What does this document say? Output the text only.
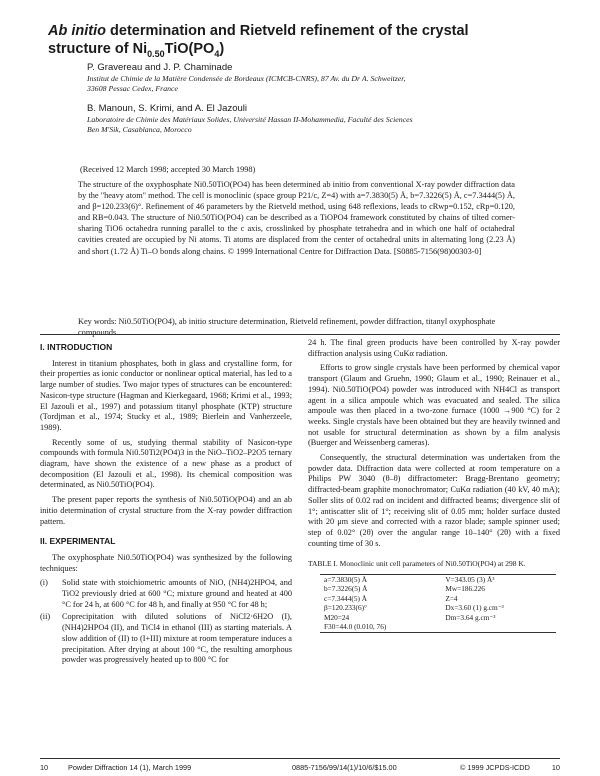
Ab initio determination and Rietveld refinement of the crystal
structure of $Ni_{0.50}TiO(PO_4)$
P. Gravereau and J. P. Chaminade
Institut de Chimie de la Matière Condensée de Bordeaux (ICMCB-CNRS), 87 Av. du Dr A. Schweitzer,
33608 Pessac Cedex, France
B. Manoun, S. Krimi, and A. El Jazouli
Laboratoire de Chimie des Matériaux Solides, Université Hassan II-Mohammedia, Faculté des Sciences
Ben M'Sik, Casablanca, Morocco
(Received 12 March 1998; accepted 30 March 1998)

The structure of the oxyphosphate Ni0.50TiO(PO4) has been determined ab initio from conventional X-ray powder diffraction data by the "heavy atom" method. The cell is monoclinic (space group P21/c, Z=4) with a=7.3830(5) Å, b=7.3226(5) Å, c=7.3444(5) Å, and β=120.233(6)°. Refinement of 46 parameters by the Rietveld method, using 648 reflexions, leads to cRwp=0.152, cRp=0.120, and RB=0.043. The structure of Ni0.50TiO(PO4) can be described as a TiOPO4 framework constituted by chains of tilted corner-sharing TiO6 octahedra running parallel to the c axis, crosslinked by phosphate tetrahedra and in which one half of octahedral cavities created are occupied by Ni atoms. Ti atoms are displaced from the center of octahedral units in alternating long (2.23 Å) and short (1.72 Å) Ti–O bonds along chains. © 1999 International Centre for Diffraction Data. [S0885-7156(98)00303-0]

Key words: Ni0.50TiO(PO4), ab initio structure determination, Rietveld refinement, powder diffraction, titanyl oxyphosphate compounds

I. INTRODUCTION

Interest in titanium phosphates, both in glass and crystalline form, for their properties as ionic conductor or nonlinear optical material, has led to a large number of studies. Two major types of structures can be encountered: Nasicon-type structure (Hagman and Kierkegaard, 1968; Krimi et al., 1993; El Jazouli et al., 1997) and potassium titanyl phosphate (KTP) structure (Tordjman et al., 1974; Stucky et al., 1989; Bierlein and Vanherzeele, 1989).

Recently some of us, studying thermal stability of Nasicon-type compounds with formula Ni0.50Ti2(PO4)3 in the NiO–TiO2–P2O5 ternary diagram, have shown the existence of a new phase as a product of decomposition (El Jazouli et al., 1998). Its chemical composition was determinated, as Ni0.50TiO(PO4).

The present paper reports the synthesis of Ni0.50TiO(PO4) and an ab initio determination of crystal structure from the X-ray powder diffraction pattern.

II. EXPERIMENTAL

The oxyphosphate Ni0.50TiO(PO4) was synthesized by the following techniques:

(i)	Solid state with stoichiometric amounts of NiO, (NH4)2HPO4, and TiO2 previously dried at 600 °C; mixture ground and heated at 400 °C for 24 h, at 600 °C for 48 h, and finally at 950 °C for 48 h;
(ii)	Coprecipitation with diluted solutions of NiCl2·6H2O (I), (NH4)2HPO4 (II), and TiCl4 in ethanol (III) as starting materials. A slow addition of (II) to (I+III) mixture at room temperature induces a precipitation. After drying at about 100 °C, the resulting amorphous powder was progressively heated up to 800 °C for

24 h. The final green products have been controlled by X-ray powder diffraction analysis using CuKα radiation.

Efforts to grow single crystals have been performed by chemical vapor transport (Glaum and Gruehn, 1990; Glaum et al., 1990; Reinauer et al., 1994). Ni0.50TiO(PO4) powder was introduced with NH4Cl as transport agent in a silica ampoule which was evacuated and sealed. The silica ampoule was then placed in a two-zone furnace (1000 →900 °C) for 2 weeks. Single crystals have been obtained but they are heavily twinned and not usable for structural determination as shown by a film analysis (Buerger and Weissenberg cameras).

Consequently, the structural determination was undertaken from the powder data. Diffraction data were collected at room temperature on a Philips PW 3040 (θ–θ) diffractometer: Bragg-Brentano geometry; diffracted-beam graphite monochromator; CuKα radiation (40 kV, 40 mA); Soller slits of 0.02 rad on incident and diffracted beams; divergence slit of 1°; antiscatter slit of 1°; receiving slit of 0.05 mm; holder surface dusted with 20 μm sieve and corrected with a razor blade; sample spinner used; step of 0.02° (2θ) over the angular range 10–140° (2θ) with a fixed counting time of 30 s.

TABLE I. Monoclinic unit cell parameters of Ni0.50TiO(PO4) at 298 K.
a=7.3830(5) Å	V=343.05 (3) Å³
b=7.3226(5) Å	Mw=186.226
c=7.3444(5) Å	Z=4
β=120.233(6)°	Dx=3.60 (1) g.cm⁻³
M20=24	Dm=3.64 g.cm⁻³
F30=44.0 (0.010, 76)	
10	Powder Diffraction 14 (1), March 1999	0885-7156/99/14(1)/10/6/$15.00	© 1999 JCPDS-ICDD	10
